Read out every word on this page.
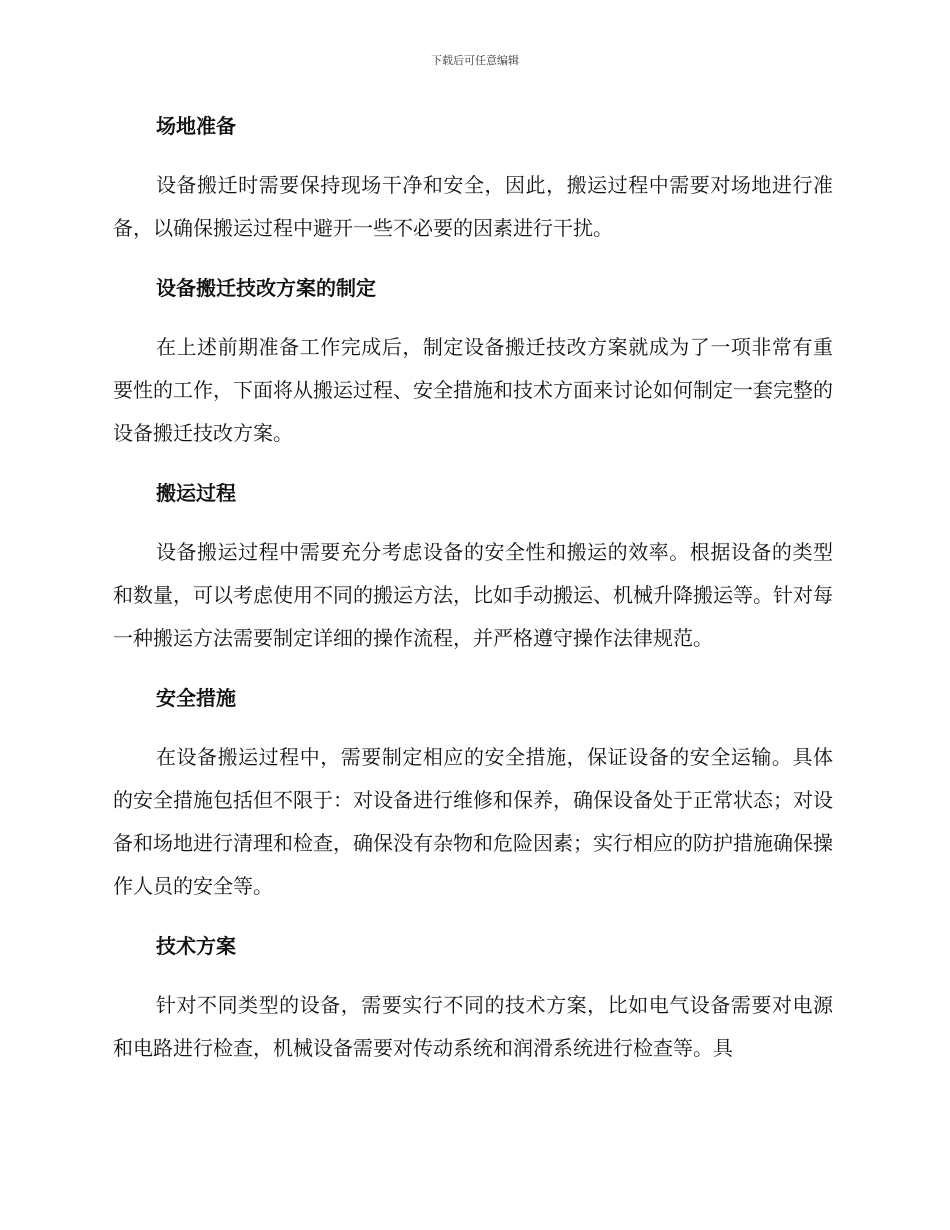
下载后可任意编辑
场地准备

设备搬迁时需要保持现场干净和安全，因此，搬运过程中需要对场地进行准备，以确保搬运过程中避开一些不必要的因素进行干扰。

设备搬迁技改方案的制定

在上述前期准备工作完成后，制定设备搬迁技改方案就成为了一项非常有重要性的工作，下面将从搬运过程、安全措施和技术方面来讨论如何制定一套完整的设备搬迁技改方案。

搬运过程

设备搬运过程中需要充分考虑设备的安全性和搬运的效率。根据设备的类型和数量，可以考虑使用不同的搬运方法，比如手动搬运、机械升降搬运等。针对每一种搬运方法需要制定详细的操作流程，并严格遵守操作法律规范。

安全措施

在设备搬运过程中，需要制定相应的安全措施，保证设备的安全运输。具体的安全措施包括但不限于：对设备进行维修和保养，确保设备处于正常状态；对设备和场地进行清理和检查，确保没有杂物和危险因素；实行相应的防护措施确保操作人员的安全等。

技术方案

针对不同类型的设备，需要实行不同的技术方案，比如电气设备需要对电源和电路进行检查，机械设备需要对传动系统和润滑系统进行检查等。具
